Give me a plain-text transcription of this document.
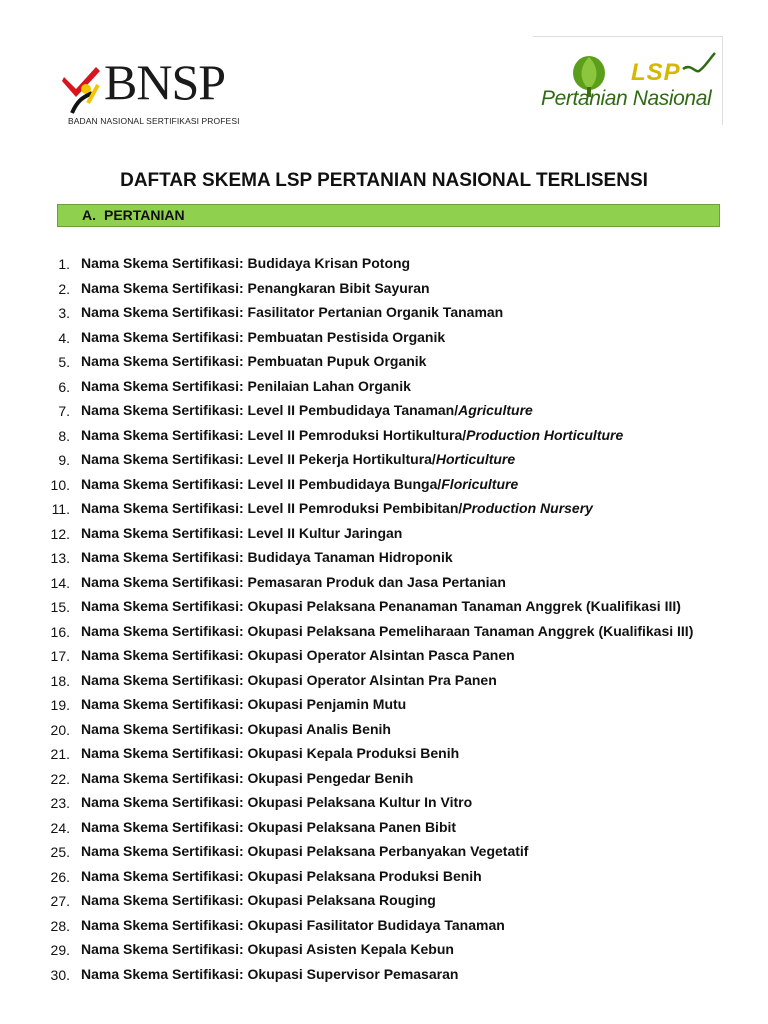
BNSP
BADAN NASIONAL SERTIFIKASI PROFESI
LSP
Pertanian Nasional
DAFTAR SKEMA LSP PERTANIAN NASIONAL TERLISENSI
A. PERTANIAN
1. Nama Skema Sertifikasi: Budidaya Krisan Potong
2. Nama Skema Sertifikasi: Penangkaran Bibit Sayuran
3. Nama Skema Sertifikasi: Fasilitator Pertanian Organik Tanaman
4. Nama Skema Sertifikasi: Pembuatan Pestisida Organik
5. Nama Skema Sertifikasi: Pembuatan Pupuk Organik
6. Nama Skema Sertifikasi: Penilaian Lahan Organik
7. Nama Skema Sertifikasi: Level II Pembudidaya Tanaman/Agriculture
8. Nama Skema Sertifikasi: Level II Pemroduksi Hortikultura/Production Horticulture
9. Nama Skema Sertifikasi: Level II Pekerja Hortikultura/Horticulture
10. Nama Skema Sertifikasi: Level II Pembudidaya Bunga/Floriculture
11. Nama Skema Sertifikasi: Level II Pemroduksi Pembibitan/Production Nursery
12. Nama Skema Sertifikasi: Level II Kultur Jaringan
13. Nama Skema Sertifikasi: Budidaya Tanaman Hidroponik
14. Nama Skema Sertifikasi: Pemasaran Produk dan Jasa Pertanian
15. Nama Skema Sertifikasi: Okupasi Pelaksana Penanaman Tanaman Anggrek (Kualifikasi III)
16. Nama Skema Sertifikasi: Okupasi Pelaksana Pemeliharaan Tanaman Anggrek (Kualifikasi III)
17. Nama Skema Sertifikasi: Okupasi Operator Alsintan Pasca Panen
18. Nama Skema Sertifikasi: Okupasi Operator Alsintan Pra Panen
19. Nama Skema Sertifikasi: Okupasi Penjamin Mutu
20. Nama Skema Sertifikasi: Okupasi Analis Benih
21. Nama Skema Sertifikasi: Okupasi Kepala Produksi Benih
22. Nama Skema Sertifikasi: Okupasi Pengedar Benih
23. Nama Skema Sertifikasi: Okupasi Pelaksana Kultur In Vitro
24. Nama Skema Sertifikasi: Okupasi Pelaksana Panen Bibit
25. Nama Skema Sertifikasi: Okupasi Pelaksana Perbanyakan Vegetatif
26. Nama Skema Sertifikasi: Okupasi Pelaksana Produksi Benih
27. Nama Skema Sertifikasi: Okupasi Pelaksana Rouging
28. Nama Skema Sertifikasi: Okupasi Fasilitator Budidaya Tanaman
29. Nama Skema Sertifikasi: Okupasi Asisten Kepala Kebun
30. Nama Skema Sertifikasi: Okupasi Supervisor Pemasaran
